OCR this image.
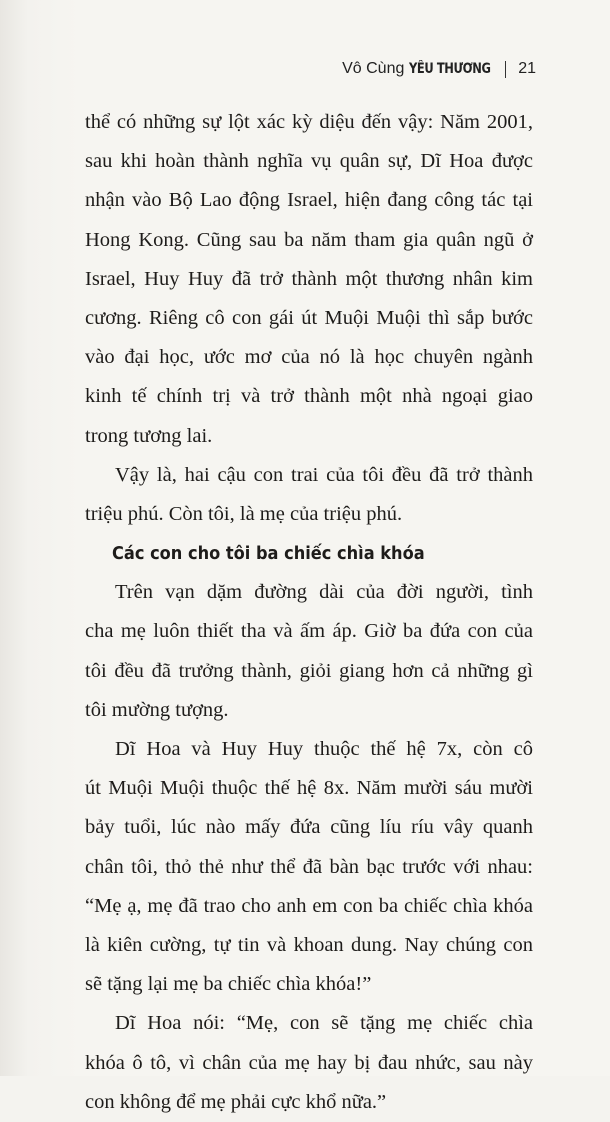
Vô Cùng YÊU THƯƠNG 21
thể có những sự lột xác kỳ diệu đến vậy: Năm 2001,
sau khi hoàn thành nghĩa vụ quân sự, Dĩ Hoa được
nhận vào Bộ Lao động Israel, hiện đang công tác tại
Hong Kong. Cũng sau ba năm tham gia quân ngũ ở
Israel, Huy Huy đã trở thành một thương nhân kim
cương. Riêng cô con gái út Muội Muội thì sắp bước
vào đại học, ước mơ của nó là học chuyên ngành
kinh tế chính trị và trở thành một nhà ngoại giao
trong tương lai.
Vậy là, hai cậu con trai của tôi đều đã trở thành
triệu phú. Còn tôi, là mẹ của triệu phú.
Các con cho tôi ba chiếc chìa khóa
Trên vạn dặm đường dài của đời người, tình
cha mẹ luôn thiết tha và ấm áp. Giờ ba đứa con của
tôi đều đã trưởng thành, giỏi giang hơn cả những gì
tôi mường tượng.
Dĩ Hoa và Huy Huy thuộc thế hệ 7x, còn cô
út Muội Muội thuộc thế hệ 8x. Năm mười sáu mười
bảy tuổi, lúc nào mấy đứa cũng líu ríu vây quanh
chân tôi, thỏ thẻ như thể đã bàn bạc trước với nhau:
“Mẹ ạ, mẹ đã trao cho anh em con ba chiếc chìa khóa
là kiên cường, tự tin và khoan dung. Nay chúng con
sẽ tặng lại mẹ ba chiếc chìa khóa!”
Dĩ Hoa nói: “Mẹ, con sẽ tặng mẹ chiếc chìa
khóa ô tô, vì chân của mẹ hay bị đau nhức, sau này
con không để mẹ phải cực khổ nữa.”
